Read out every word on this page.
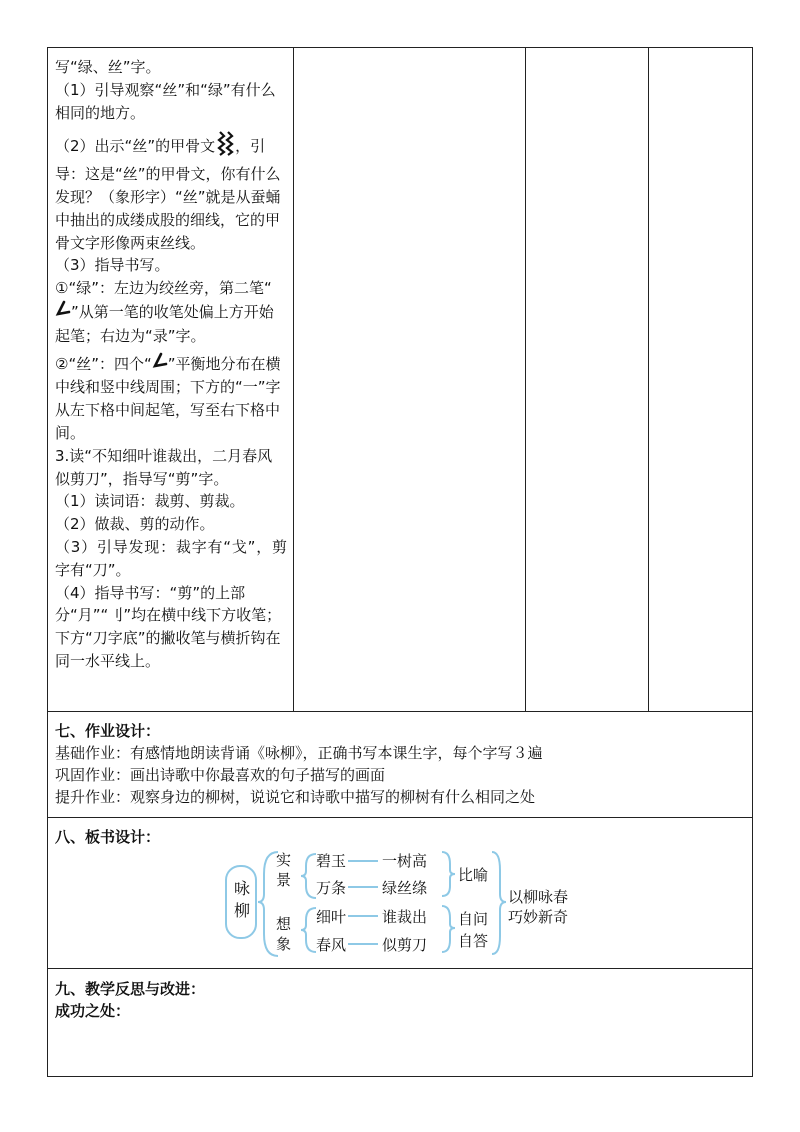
写“绿、丝”字。

（1）引导观察“丝”和“绿”有什么相同的地方。

（2）出示“丝”的甲骨文 ，引导：这是“丝”的甲骨文，你有什么发现？（象形字）“丝”就是从蚕蛹中抽出的成缕成股的细线，它的甲骨文字形像两束丝线。

（3）指导书写。

①“绿”：左边为绞丝旁，第二笔“”从第一笔的收笔处偏上方开始起笔；右边为“录”字。

②“丝”：四个“ ”平衡地分布在横中线和竖中线周围；下方的“一”字从左下格中间起笔，写至右下格中间。

3.读“不知细叶谁裁出，二月春风似剪刀”，指导写“剪”字。

（1）读词语：裁剪、剪裁。

（2）做裁、剪的动作。

（3）引导发现：裁字有“戈”，剪字有“刀”。

（4）指导书写：“剪”的上部分“月”“刂”均在横中线下方收笔；下方“刀字底”的撇收笔与横折钩在同一水平线上。

七、作业设计：
基础作业：有感情地朗读背诵《咏柳》，正确书写本课生字，每个字写３遍
巩固作业：画出诗歌中你最喜欢的句子描写的画面
提升作业：观察身边的柳树，说说它和诗歌中描写的柳树有什么相同之处
八、板书设计：
咏柳
实景
想象
碧玉 一树高
万条 绿丝绦
细叶 谁裁出
春风 似剪刀
比喻
自问自答
以柳咏春
巧妙新奇
九、教学反思与改进：
成功之处：
